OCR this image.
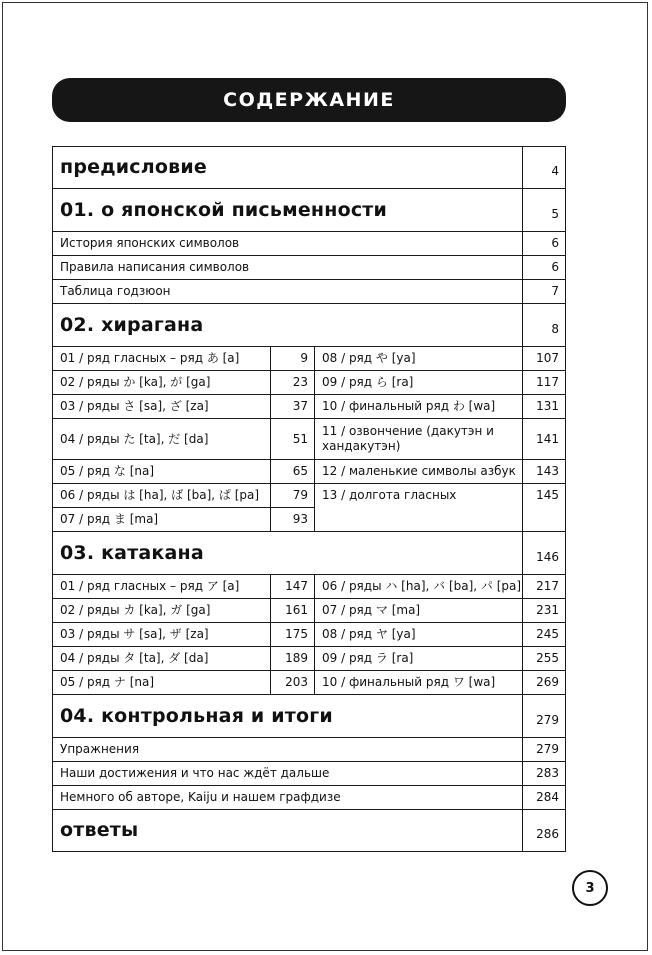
СОДЕРЖАНИЕ
предисловие			4
01. о японской письменности			5
История японских символов			6
Правила написания символов			6
Таблица годзюон			7
02. хирагана			8
01 / ряд гласных – ряд あ [a]	9	08 / ряд や [ya]	107
02 / ряды か [ka], が [ga]	23	09 / ряд ら [ra]	117
03 / ряды さ [sa], ざ [za]	37	10 / финальный ряд わ [wa]	131
04 / ряды た [ta], だ [da]	51	11 / озвончение (дакутэн и хандакутэн)	141
05 / ряд な [na]	65	12 / маленькие символы азбук	143
06 / ряды は [ha], ば [ba], ぱ [pa]	79	13 / долгота гласных	145
07 / ряд ま [ma]	93		
03. катакана			146
01 / ряд гласных – ряд ア [a]	147	06 / ряды ハ [ha], バ [ba], パ [pa]	217
02 / ряды カ [ka], ガ [ga]	161	07 / ряд マ [ma]	231
03 / ряды サ [sa], ザ [za]	175	08 / ряд ヤ [ya]	245
04 / ряды タ [ta], ダ [da]	189	09 / ряд ラ [ra]	255
05 / ряд ナ [na]	203	10 / финальный ряд ワ [wa]	269
04. контрольная и итоги			279
Упражнения			279
Наши достижения и что нас ждёт дальше			283
Немного об авторе, Kaiju и нашем графдизе			284
ответы			286
3
